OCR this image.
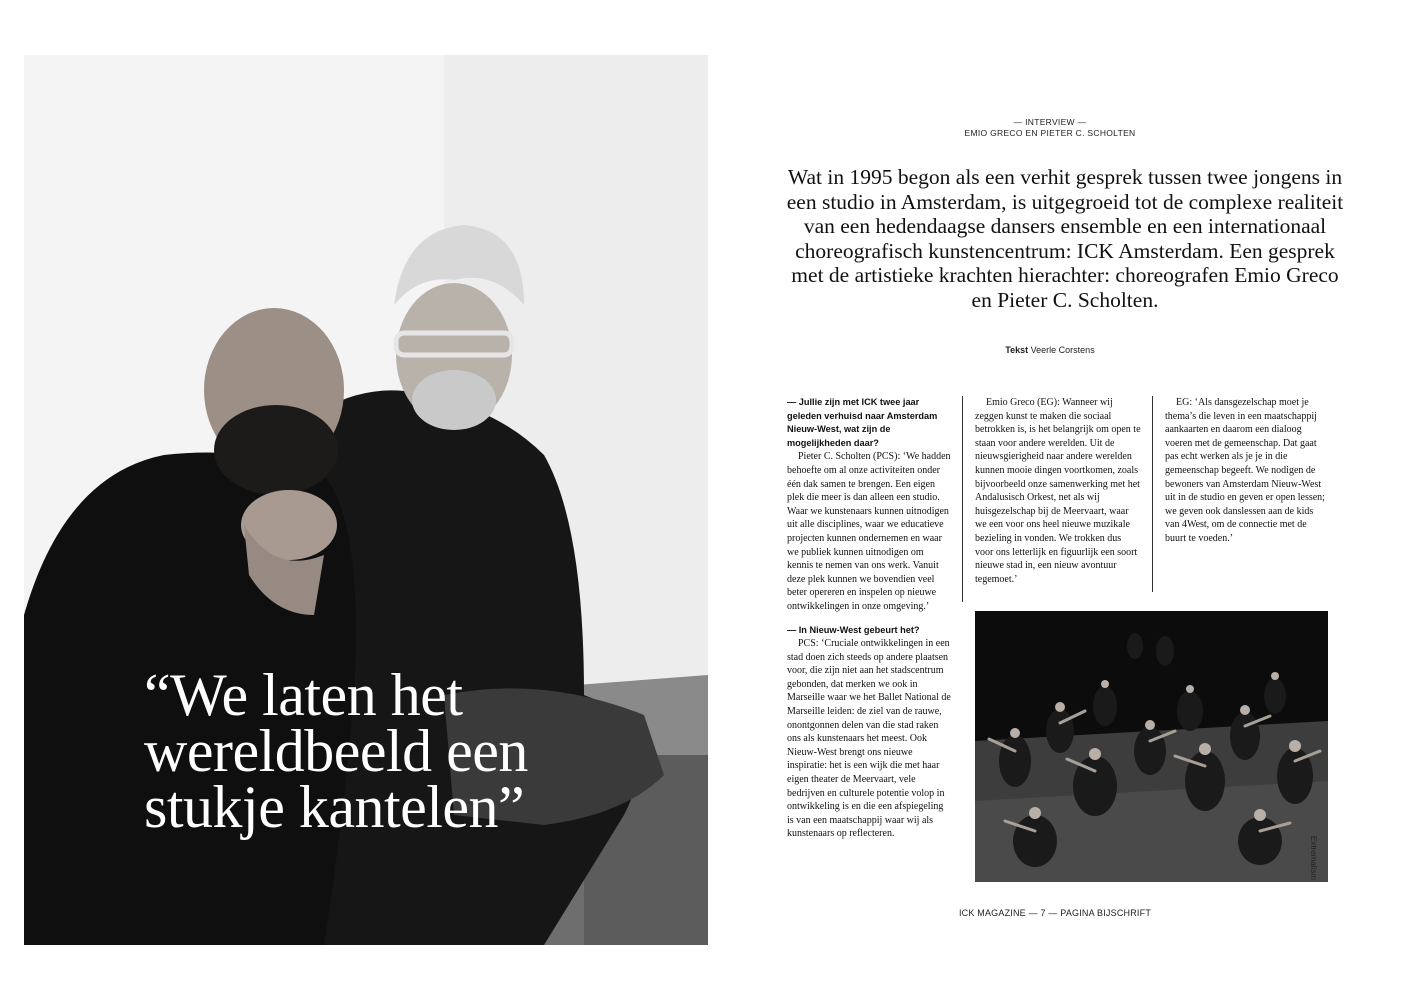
“We laten het
wereldbeeld een
stukje kantelen”
— INTERVIEW —
EMIO GRECO EN PIETER C. SCHOLTEN
Wat in 1995 begon als een verhit gesprek tussen twee jongens in een studio in Amsterdam, is uitgegroeid tot de complexe realiteit van een hedendaagse dansers ensemble en een internationaal choreografisch kunstencentrum: ICK Amsterdam. Een gesprek met de artistieke krachten hierachter: choreografen Emio Greco en Pieter C. Scholten.
Tekst Veerle Corstens
— Jullie zijn met ICK twee jaar geleden verhuisd naar Amsterdam Nieuw-West, wat zijn de mogelijkheden daar?

Pieter C. Scholten (PCS): ‘We hadden behoefte om al onze activiteiten onder één dak samen te brengen. Een eigen plek die meer is dan alleen een studio. Waar we kunstenaars kunnen uitnodigen uit alle disciplines, waar we educatieve projecten kunnen ondernemen en waar we publiek kunnen uitnodigen om kennis te nemen van ons werk. Vanuit deze plek kunnen we bovendien veel beter opereren en inspelen op nieuwe ontwikkelingen in onze omgeving.’

— In Nieuw-West gebeurt het?

PCS: ‘Cruciale ontwikkelingen in een stad doen zich steeds op andere plaatsen voor, die zijn niet aan het stadscentrum gebonden, dat merken we ook in Marseille waar we het Ballet National de Marseille leiden: de ziel van de rauwe, onontgonnen delen van die stad raken ons als kunstenaars het meest. Ook Nieuw-West brengt ons nieuwe inspiratie: het is een wijk die met haar eigen theater de Meervaart, vele bedrijven en culturele potentie volop in ontwikkeling is en die een afspiegeling is van een maatschappij waar wij als kunstenaars op reflecteren.

Emio Greco (EG): Wanneer wij zeggen kunst te maken die sociaal betrokken is, is het belangrijk om open te staan voor andere werelden. Uit de nieuwsgierigheid naar andere werelden kunnen mooie dingen voortkomen, zoals bijvoorbeeld onze samenwerking met het Andalusisch Orkest, net als wij huisgezelschap bij de Meervaart, waar we een voor ons heel nieuwe muzikale bezieling in vonden. We trokken dus voor ons letterlijk en figuurlijk een soort nieuwe stad in, een nieuw avontuur tegemoet.’

EG: ‘Als dansgezelschap moet je thema’s die leven in een maatschappij aankaarten en daarom een dialoog voeren met de gemeenschap. Dat gaat pas echt werken als je je in die gemeenschap begeeft. We nodigen de bewoners van Amsterdam Nieuw-West uit in de studio en geven er open lessen; we geven ook danslessen aan de kids van 4West, om de connectie met de buurt te voeden.’

Extremalism
ICK MAGAZINE — 7 — PAGINA BIJSCHRIFT
